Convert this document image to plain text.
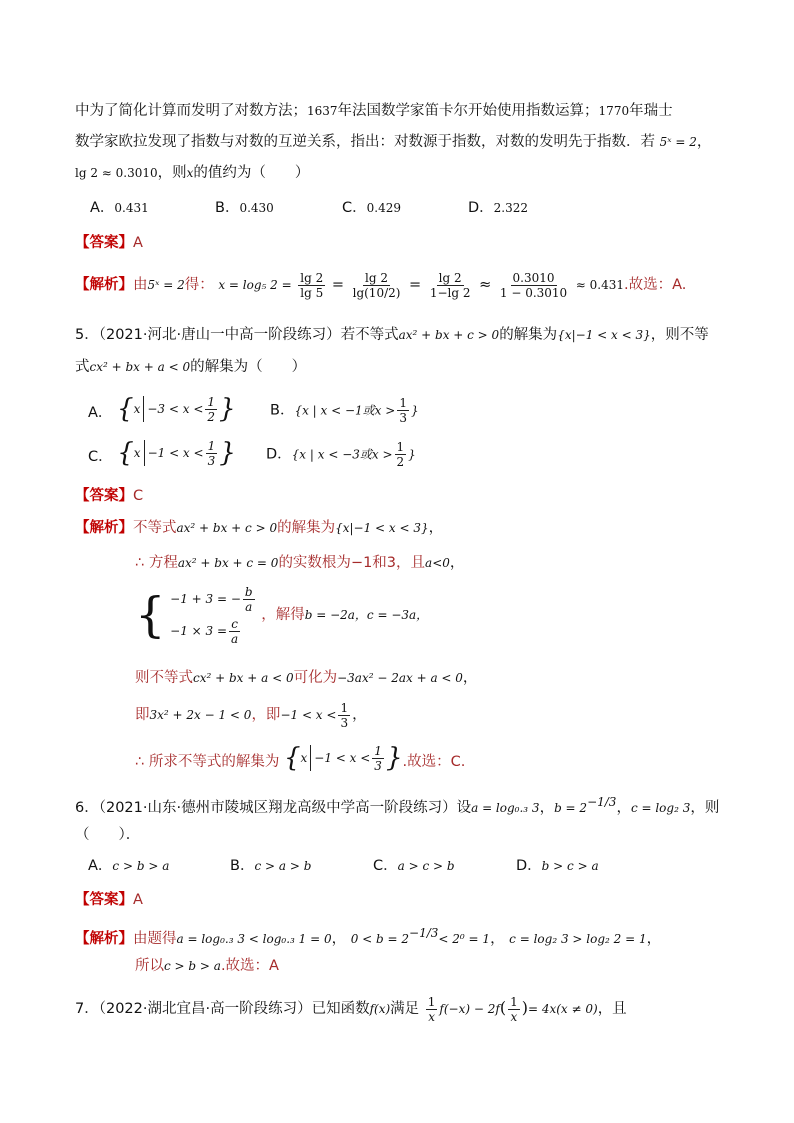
中为了简化计算而发明了对数方法；1637年法国数学家笛卡尔开始使用指数运算；1770年瑞士
数学家欧拉发现了指数与对数的互逆关系，指出：对数源于指数，对数的发明先于指数．若 5ˣ = 2，
lg 2 ≈ 0.3010，则x的值约为（　　）
A．0.431	B．0.430	C．0.429	D．2.322
【答案】A
【解析】由5ˣ = 2得： x = log₅ $2 = \frac{\lg 2}{\lg 5} = \frac{\lg 2}{\lg(10/2)} = \frac{\lg 2}{1-\lg 2} \approx \frac{0.3010}{1 - 0.3010} \approx 0.431$.故选：A.
5．（2021·河北·唐山一中高一阶段练习）若不等式ax² + bx + c > 0的解集为{x|−1 < x < 3}，则不等
式cx² + bx + a < 0的解集为（　　）
A． { $x -3 < x < \frac{1}{2}$ } B．{x | x < −1或$x > \frac{1}{3}$ }
C． { $x -1 < x < \frac{1}{3}$ } D．{x | x < −3或$x > \frac{1}{2}$ }
【答案】C
【解析】不等式ax² + bx + c > 0的解集为{x|−1 < x < 3}，
∴ 方程ax² + bx + c = 0的实数根为−1和3，且a<0，
{ −1 + 3 = − $\frac{b}{a}$
$-1 \times 3 = \frac{c}{a}$
，解得b = −2a，c = −3a，
则不等式cx² + bx + a < 0可化为−3ax² − 2ax + a < 0，
即3x² + 2x − 1 < 0，即$-1 < x < \frac{1}{3}$ ，
∴ 所求不等式的解集为 { $x -1 < x < \frac{1}{3}$ } .故选：C.
6．（2021·山东·德州市陵城区翔龙高级中学高一阶段练习）设a = log₀.₃ 3，$b = 2^{-1/3}$，c = log₂ 3，则
（　　）．
A．c > b > a	B．c > a > b	C．a > c > b	D．b > c > a
【答案】A
【解析】由题得a = log₀.₃ 3 < log₀.₃ 1 = 0， $0 < b = 2^{-1/3}< 2^0 = 1$， c = log₂ 3 > log₂ 2 = 1，
所以c > b > a.故选：A
7．（2022·湖北宜昌·高一阶段练习）已知函数f(x)满足 $\frac{1}{x} f(-x) - 2f( \frac{1}{x}$ )= 4x(x ≠ 0)，且
